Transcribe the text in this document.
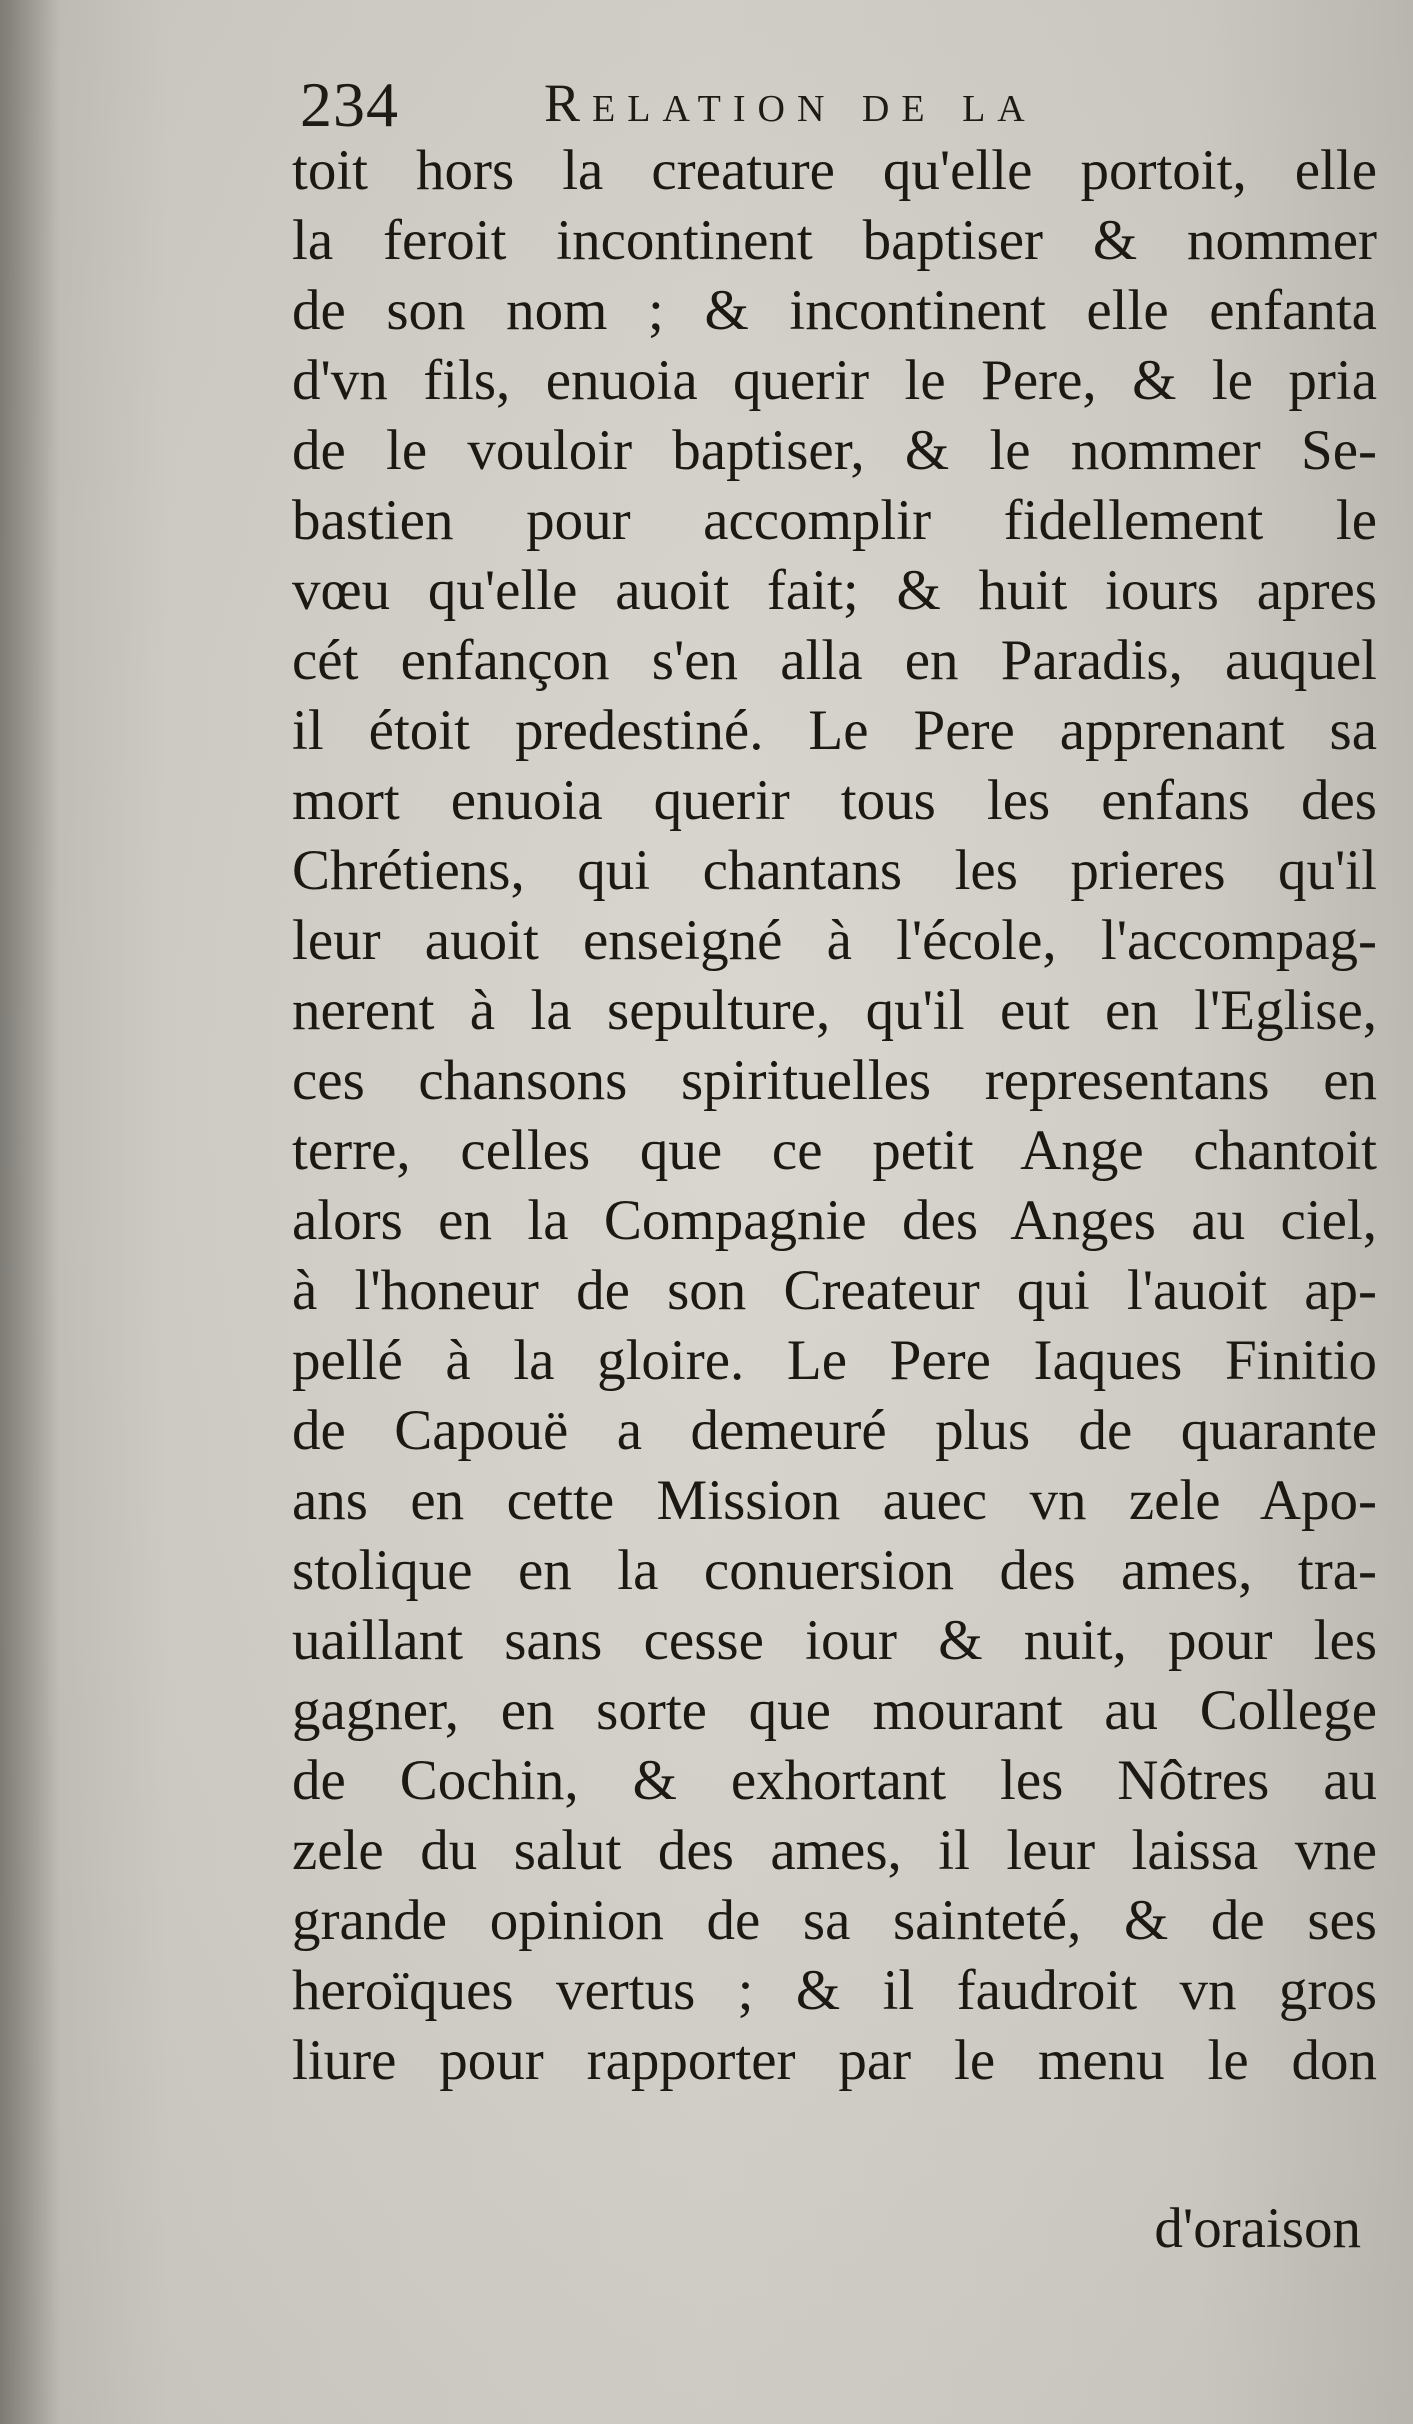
234	Relation de la
toit hors la creature qu'elle portoit, elle
la feroit incontinent baptiser & nommer
de son nom ; & incontinent elle enfanta
d'vn fils, enuoia querir le Pere, & le pria
de le vouloir baptiser, & le nommer Se-
bastien pour accomplir fidellement le
vœu qu'elle auoit fait; & huit iours apres
cét enfançon s'en alla en Paradis, auquel
il étoit predestiné. Le Pere apprenant sa
mort enuoia querir tous les enfans des
Chrétiens, qui chantans les prieres qu'il
leur auoit enseigné à l'école, l'accompag-
nerent à la sepulture, qu'il eut en l'Eglise,
ces chansons spirituelles representans en
terre, celles que ce petit Ange chantoit
alors en la Compagnie des Anges au ciel,
à l'honeur de son Createur qui l'auoit ap-
pellé à la gloire. Le Pere Iaques Finitio
de Capouë a demeuré plus de quarante
ans en cette Mission auec vn zele Apo-
stolique en la conuersion des ames, tra-
uaillant sans cesse iour & nuit, pour les
gagner, en sorte que mourant au College
de Cochin, & exhortant les Nôtres au
zele du salut des ames, il leur laissa vne
grande opinion de sa sainteté, & de ses
heroïques vertus ; & il faudroit vn gros
liure pour rapporter par le menu le don
d'oraison
